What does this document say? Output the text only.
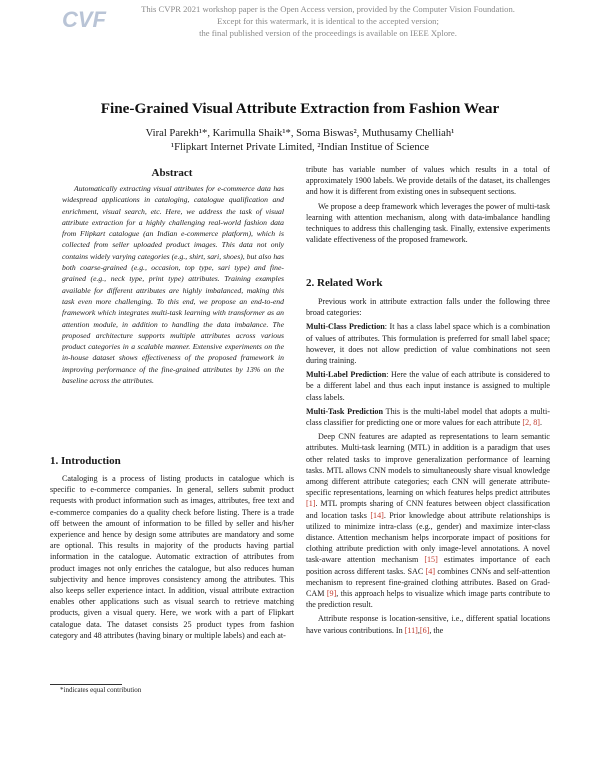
CVF	This CVPR 2021 workshop paper is the Open Access version, provided by the Computer Vision Foundation.
Except for this watermark, it is identical to the accepted version;
the final published version of the proceedings is available on IEEE Xplore.
Fine-Grained Visual Attribute Extraction from Fashion Wear
Viral Parekh¹*, Karimulla Shaik¹*, Soma Biswas², Muthusamy Chelliah¹
¹Flipkart Internet Private Limited, ²Indian Institue of Science
Abstract

Automatically extracting visual attributes for e-commerce data has widespread applications in cataloging, catalogue qualification and enrichment, visual search, etc. Here, we address the task of visual attribute extraction for a highly challenging real-world fashion data from Flipkart catalogue (an Indian e-commerce platform), which is collected from seller uploaded product images. This data not only contains widely varying categories (e.g., shirt, sari, shoes), but also has both coarse-grained (e.g., occasion, top type, sari type) and fine-grained (e.g., neck type, print type) attributes. Training examples available for different attributes are highly imbalanced, making this task even more challenging. To this end, we propose an end-to-end framework which integrates multi-task learning with transformer as an attention module, in addition to handling the data imbalance. The proposed architecture supports multiple attributes across various product categories in a scalable manner. Extensive experiments on the in-house dataset shows effectiveness of the proposed framework in improving performance of the fine-grained attributes by 13% on the baseline across the attributes.

1. Introduction

Cataloging is a process of listing products in catalogue which is specific to e-commerce companies. In general, sellers submit product requests with product information such as images, attributes, free text and e-commerce companies do a quality check before listing. There is a trade off between the amount of information to be filled by seller and his/her experience and hence by design some attributes are mandatory and some are optional. This results in majority of the products having partial information in the catalogue. Automatic extraction of attributes from product images not only enriches the catalogue, but also reduces human subjectivity and hence improves consistency among the attributes. This also keeps seller experience intact. In addition, visual attribute extraction enables other applications such as visual search to retrieve matching products, given a visual query. Here, we work with a part of Flipkart catalogue data. The dataset consists 25 product types from fashion category and 48 attributes (having binary or multiple labels) and each at-

*indicates equal contribution

tribute has variable number of values which results in a total of approximately 1900 labels. We provide details of the dataset, its challenges and how it is different from existing ones in subsequent sections.

We propose a deep framework which leverages the power of multi-task learning with attention mechanism, along with data-imbalance handling techniques to address this challenging task. Finally, extensive experiments validate effectiveness of the proposed framework.

2. Related Work

Previous work in attribute extraction falls under the following three broad categories:

Multi-Class Prediction: It has a class label space which is a combination of values of attributes. This formulation is preferred for small label space; however, it does not allow prediction of value combinations not seen during training.

Multi-Label Prediction: Here the value of each attribute is considered to be a different label and thus each input instance is assigned to multiple class labels.

Multi-Task Prediction This is the multi-label model that adopts a multi-class classifier for predicting one or more values for each attribute [2, 8].

Deep CNN features are adapted as representations to learn semantic attributes. Multi-task learning (MTL) in addition is a paradigm that uses other related tasks to improve generalization performance of learning tasks. MTL allows CNN models to simultaneously share visual knowledge among different attribute categories; each CNN will generate attribute-specific representations, learning on which features helps predict attributes [1]. MTL prompts sharing of CNN features between object classification and location tasks [14]. Prior knowledge about attribute relationships is utilized to minimize intra-class (e.g., gender) and maximize inter-class distance. Attention mechanism helps incorporate impact of positions for clothing attribute prediction with only image-level annotations. A novel task-aware attention mechanism [15] estimates importance of each position across different tasks. SAC [4] combines CNNs and self-attention mechanism to represent fine-grained clothing attributes. Based on Grad-CAM [9], this approach helps to visualize which image parts contribute to the prediction result.

Attribute response is location-sensitive, i.e., different spatial locations have various contributions. In [11],[6], the
